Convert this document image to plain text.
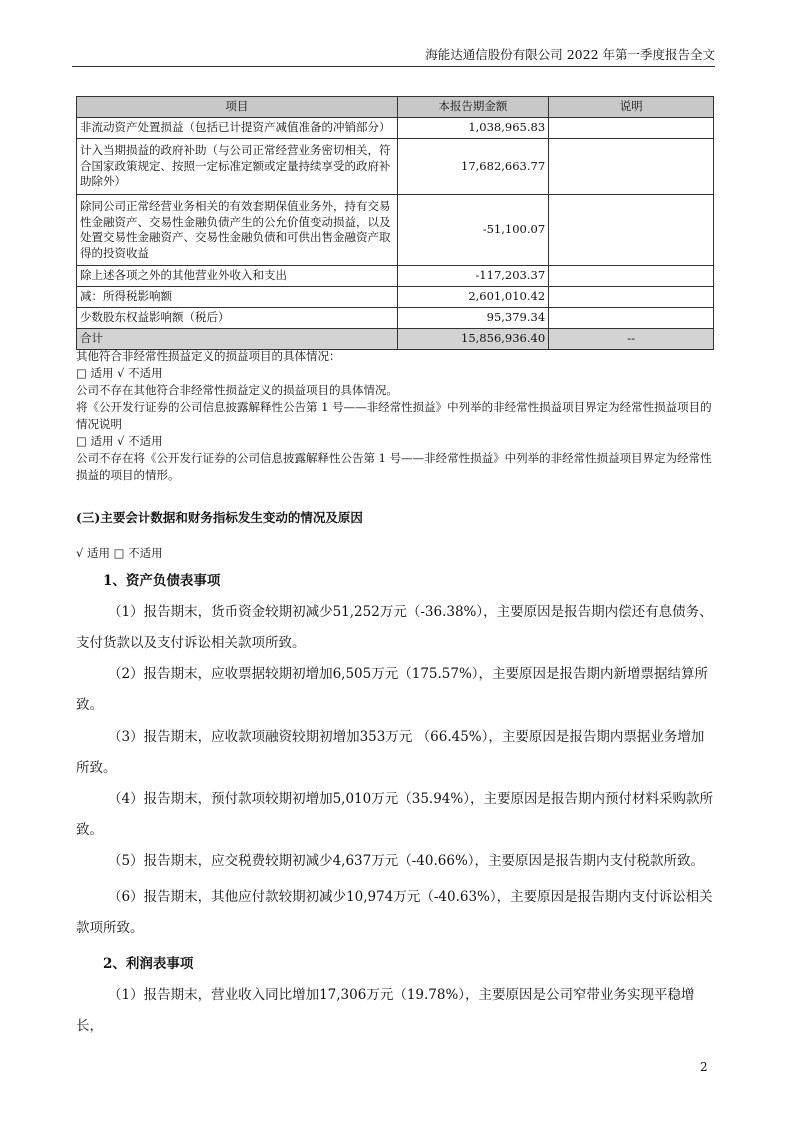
海能达通信股份有限公司 2022 年第一季度报告全文
项目	本报告期金额	说明
非流动资产处置损益（包括已计提资产减值准备的冲销部分）	1,038,965.83	
计入当期损益的政府补助（与公司正常经营业务密切相关，符合国家政策规定、按照一定标准定额或定量持续享受的政府补助除外）	17,682,663.77	
除同公司正常经营业务相关的有效套期保值业务外，持有交易性金融资产、交易性金融负债产生的公允价值变动损益，以及处置交易性金融资产、交易性金融负债和可供出售金融资产取得的投资收益	-51,100.07	
除上述各项之外的其他营业外收入和支出	-117,203.37	
减：所得税影响额	2,601,010.42	
少数股东权益影响额（税后）	95,379.34	
合计	15,856,936.40	--

其他符合非经常性损益定义的损益项目的具体情况：

□ 适用 √ 不适用

公司不存在其他符合非经常性损益定义的损益项目的具体情况。

将《公开发行证券的公司信息披露解释性公告第 1 号——非经常性损益》中列举的非经常性损益项目界定为经常性损益项目的情况说明

□ 适用 √ 不适用

公司不存在将《公开发行证券的公司信息披露解释性公告第 1 号——非经常性损益》中列举的非经常性损益项目界定为经常性损益的项目的情形。

(三)主要会计数据和财务指标发生变动的情况及原因
√ 适用 □ 不适用
1、资产负债表事项

（1）报告期末，货币资金较期初减少51,252万元（-36.38%），主要原因是报告期内偿还有息债务、支付货款以及支付诉讼相关款项所致。

（2）报告期末，应收票据较期初增加6,505万元（175.57%），主要原因是报告期内新增票据结算所致。

（3）报告期末，应收款项融资较期初增加353万元 （66.45%），主要原因是报告期内票据业务增加所致。

（4）报告期末，预付款项较期初增加5,010万元（35.94%），主要原因是报告期内预付材料采购款所致。

（5）报告期末，应交税费较期初减少4,637万元（-40.66%），主要原因是报告期内支付税款所致。

（6）报告期末，其他应付款较期初减少10,974万元（-40.63%），主要原因是报告期内支付诉讼相关款项所致。

2、利润表事项

（1）报告期末，营业收入同比增加17,306万元（19.78%），主要原因是公司窄带业务实现平稳增长，

2
